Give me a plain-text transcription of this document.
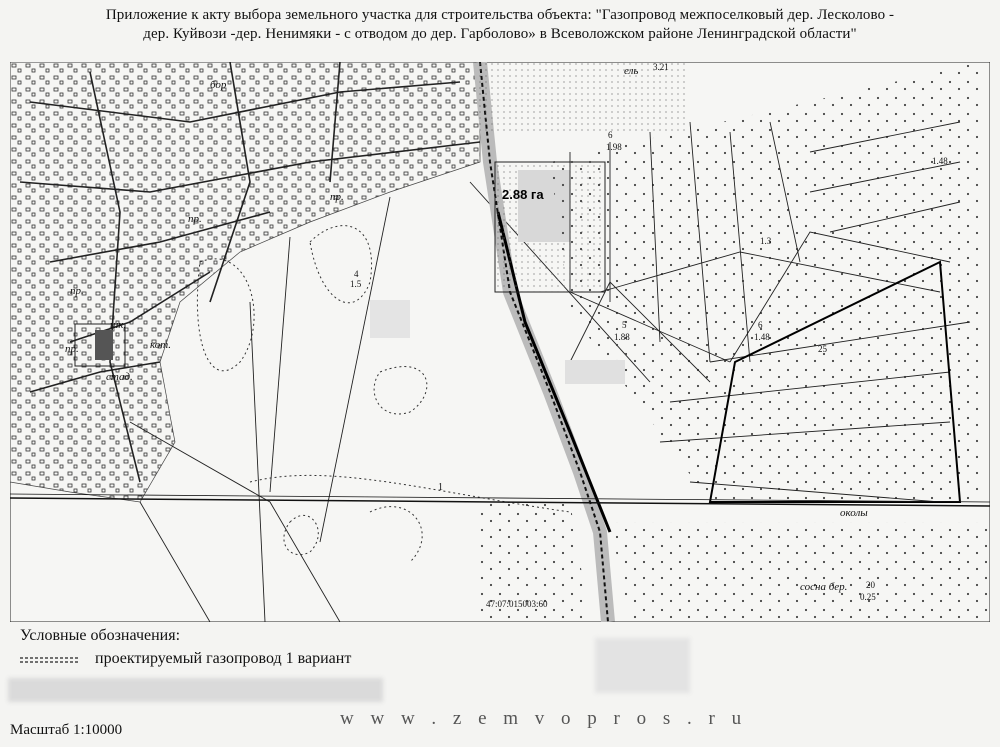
Приложение к акту выбора земельного участка для строительства объекта: "Газопровод межпоселковый дер. Лесколово -
дер. Куйвози -дер. Ненимяки - с отводом до дер. Гарболово» в Всеволожском районе Ленинградской области"
2.88 га
бор
ель
пр.
пр.
пр.
пр.
шк.
кот.
стад.
околы
сосна бер.
47:07:015003:60
4
1.5
6
1.98
5
1.88
6
1.48
25
20
0.25
1.3
1.48
3.21
1
Условные обозначения:
проектируемый газопровод 1 вариант
w w w . z e m v o p r o s . r u
Масштаб 1:10000
